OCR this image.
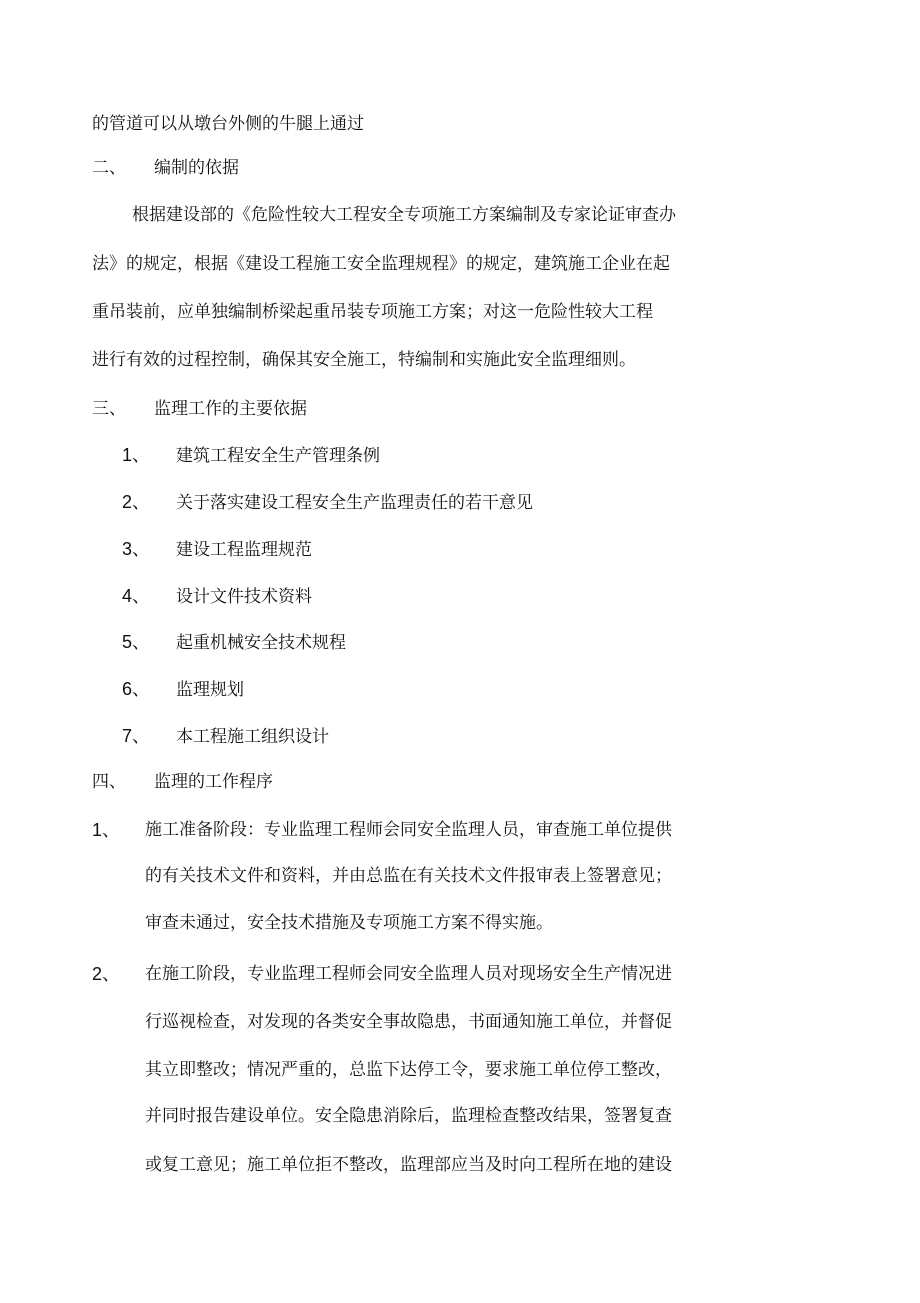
的管道可以从墩台外侧的牛腿上通过
二、 编制的依据
根据建设部的《危险性较大工程安全专项施工方案编制及专家论证审查办
法》的规定，根据《建设工程施工安全监理规程》的规定，建筑施工企业在起
重吊装前，应单独编制桥梁起重吊装专项施工方案；对这一危险性较大工程
进行有效的过程控制，确保其安全施工，特编制和实施此安全监理细则。
三、 监理工作的主要依据
1、 建筑工程安全生产管理条例
2、 关于落实建设工程安全生产监理责任的若干意见
3、 建设工程监理规范
4、 设计文件技术资料
5、 起重机械安全技术规程
6、 监理规划
7、 本工程施工组织设计
四、 监理的工作程序
1、 施工准备阶段：专业监理工程师会同安全监理人员，审查施工单位提供
的有关技术文件和资料，并由总监在有关技术文件报审表上签署意见；
审查未通过，安全技术措施及专项施工方案不得实施。
2、 在施工阶段，专业监理工程师会同安全监理人员对现场安全生产情况进
行巡视检查，对发现的各类安全事故隐患，书面通知施工单位，并督促
其立即整改；情况严重的，总监下达停工令，要求施工单位停工整改，
并同时报告建设单位。安全隐患消除后，监理检查整改结果，签署复查
或复工意见；施工单位拒不整改，监理部应当及时向工程所在地的建设
